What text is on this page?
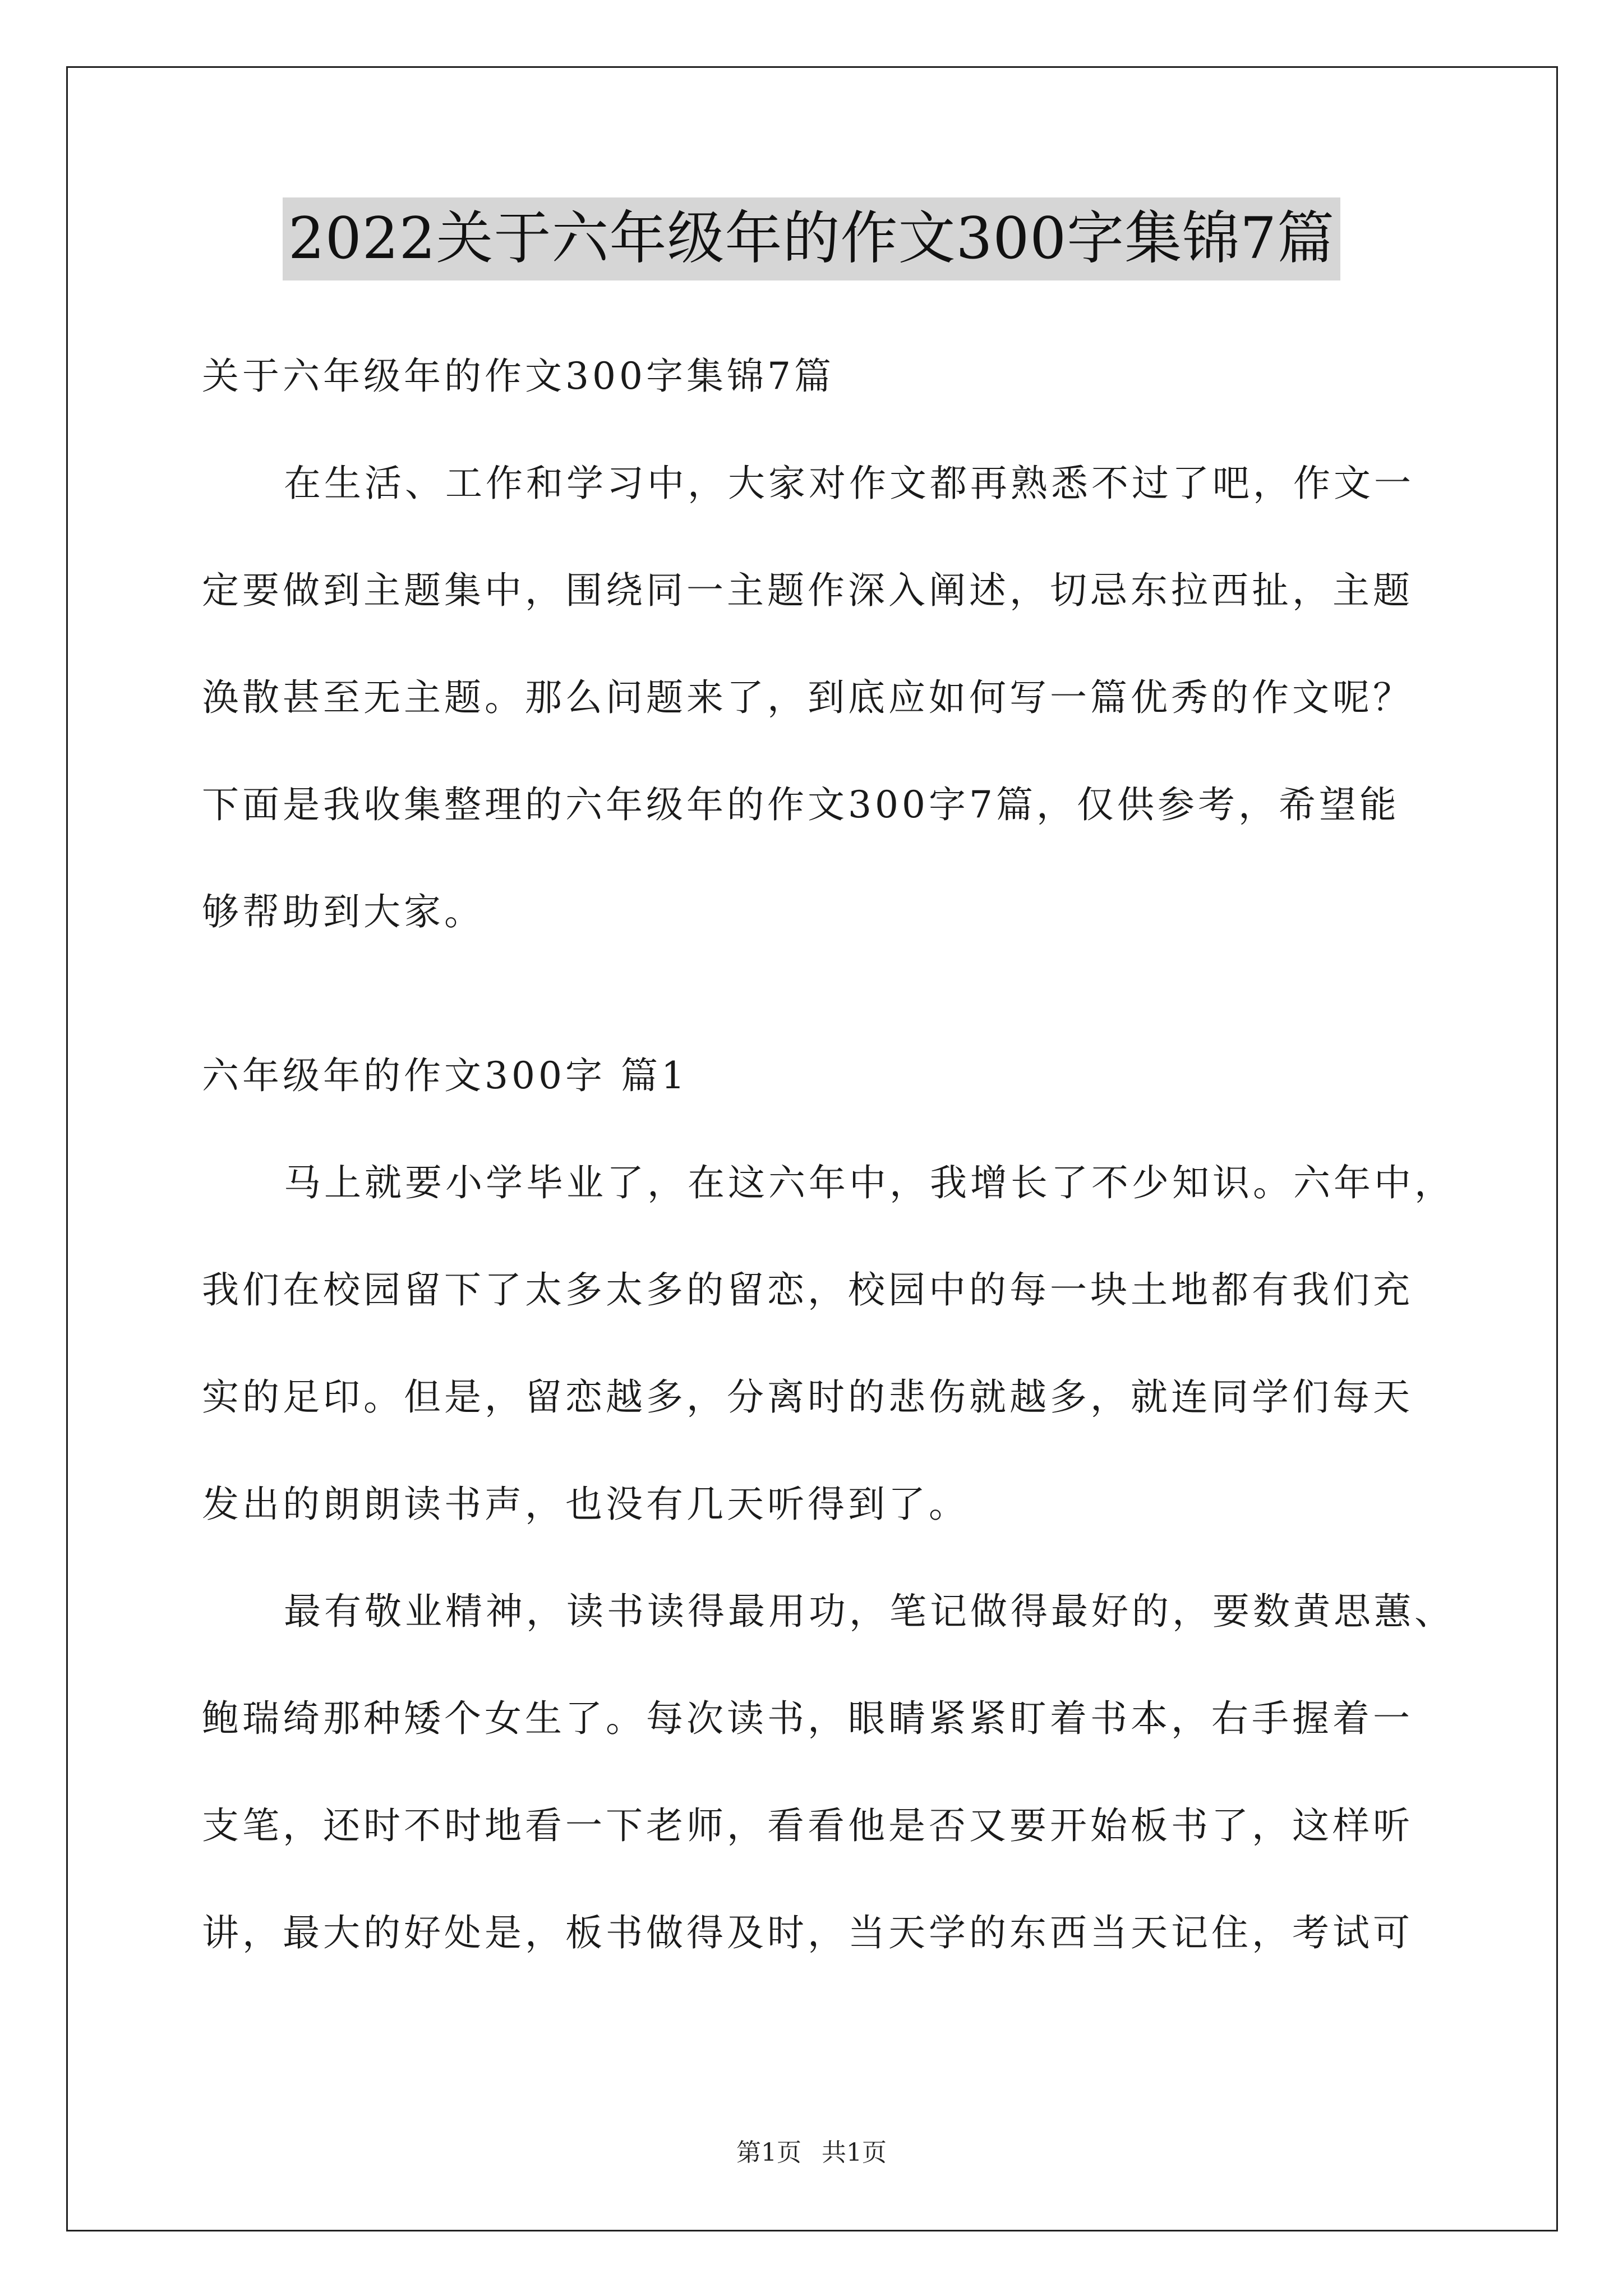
2022关于六年级年的作文300字集锦7篇
关于六年级年的作文300字集锦7篇
在生活、工作和学习中，大家对作文都再熟悉不过了吧，作文一
定要做到主题集中，围绕同一主题作深入阐述，切忌东拉西扯，主题
涣散甚至无主题。那么问题来了，到底应如何写一篇优秀的作文呢？
下面是我收集整理的六年级年的作文300字7篇，仅供参考，希望能
够帮助到大家。
六年级年的作文300字 篇1
马上就要小学毕业了，在这六年中，我增长了不少知识。六年中，
我们在校园留下了太多太多的留恋，校园中的每一块土地都有我们充
实的足印。但是，留恋越多，分离时的悲伤就越多，就连同学们每天
发出的朗朗读书声，也没有几天听得到了。
最有敬业精神，读书读得最用功，笔记做得最好的，要数黄思蕙、
鲍瑞绮那种矮个女生了。每次读书，眼睛紧紧盯着书本，右手握着一
支笔，还时不时地看一下老师，看看他是否又要开始板书了，这样听
讲，最大的好处是，板书做得及时，当天学的东西当天记住，考试可
第1页 共1页
